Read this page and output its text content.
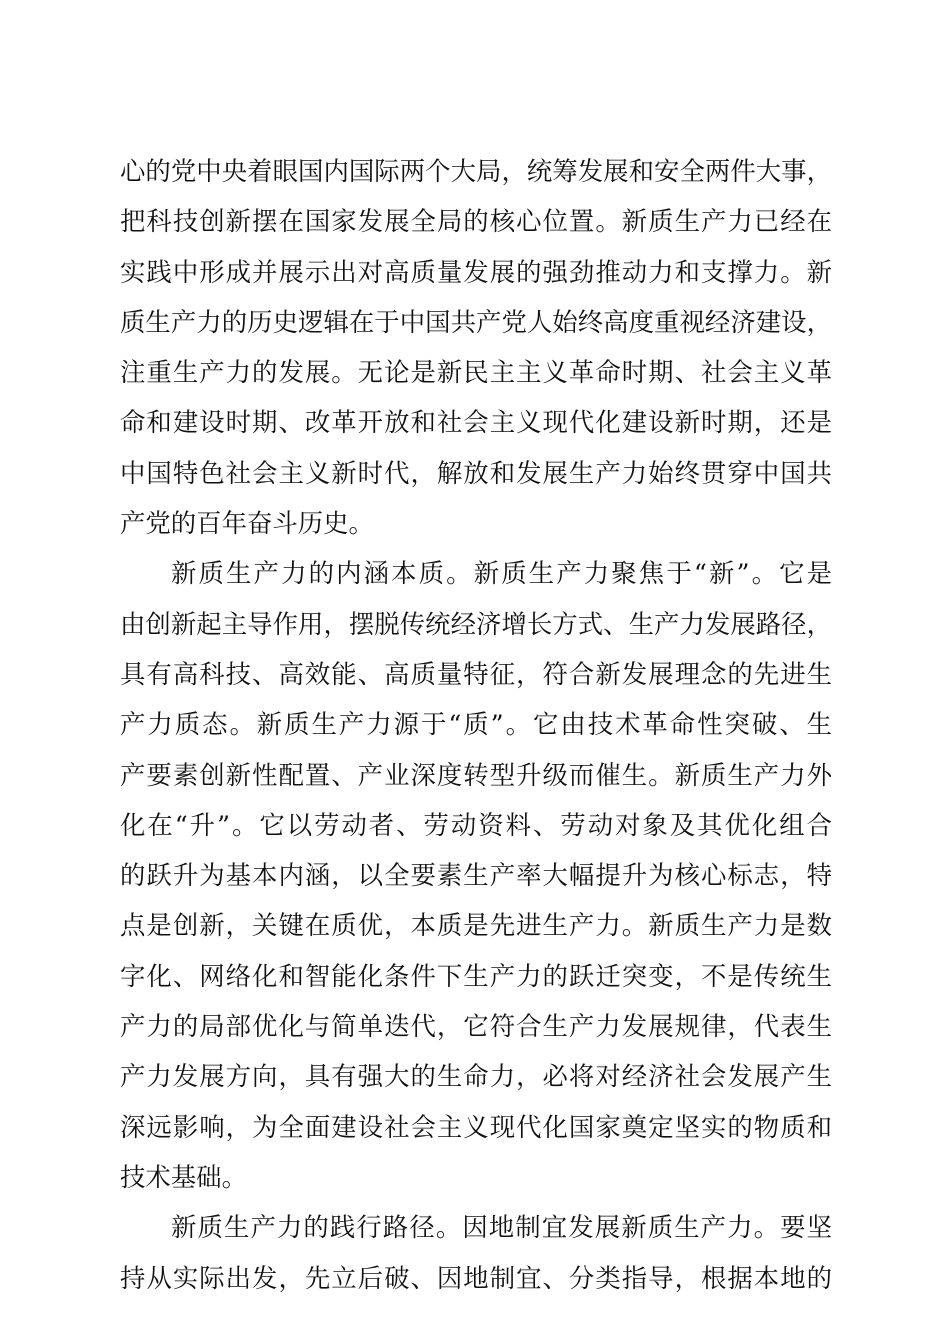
心的党中央着眼国内国际两个大局，统筹发展和安全两件大事，
把科技创新摆在国家发展全局的核心位置。新质生产力已经在
实践中形成并展示出对高质量发展的强劲推动力和支撑力。新
质生产力的历史逻辑在于中国共产党人始终高度重视经济建设，
注重生产力的发展。无论是新民主主义革命时期、社会主义革
命和建设时期、改革开放和社会主义现代化建设新时期，还是
中国特色社会主义新时代，解放和发展生产力始终贯穿中国共
产党的百年奋斗历史。
新质生产力的内涵本质。新质生产力聚焦于“新”。它是
由创新起主导作用，摆脱传统经济增长方式、生产力发展路径，
具有高科技、高效能、高质量特征，符合新发展理念的先进生
产力质态。新质生产力源于“质”。它由技术革命性突破、生
产要素创新性配置、产业深度转型升级而催生。新质生产力外
化在“升”。它以劳动者、劳动资料、劳动对象及其优化组合
的跃升为基本内涵，以全要素生产率大幅提升为核心标志，特
点是创新，关键在质优，本质是先进生产力。新质生产力是数
字化、网络化和智能化条件下生产力的跃迁突变，不是传统生
产力的局部优化与简单迭代，它符合生产力发展规律，代表生
产力发展方向，具有强大的生命力，必将对经济社会发展产生
深远影响，为全面建设社会主义现代化国家奠定坚实的物质和
技术基础。
新质生产力的践行路径。因地制宜发展新质生产力。要坚
持从实际出发，先立后破、因地制宜、分类指导，根据本地的
